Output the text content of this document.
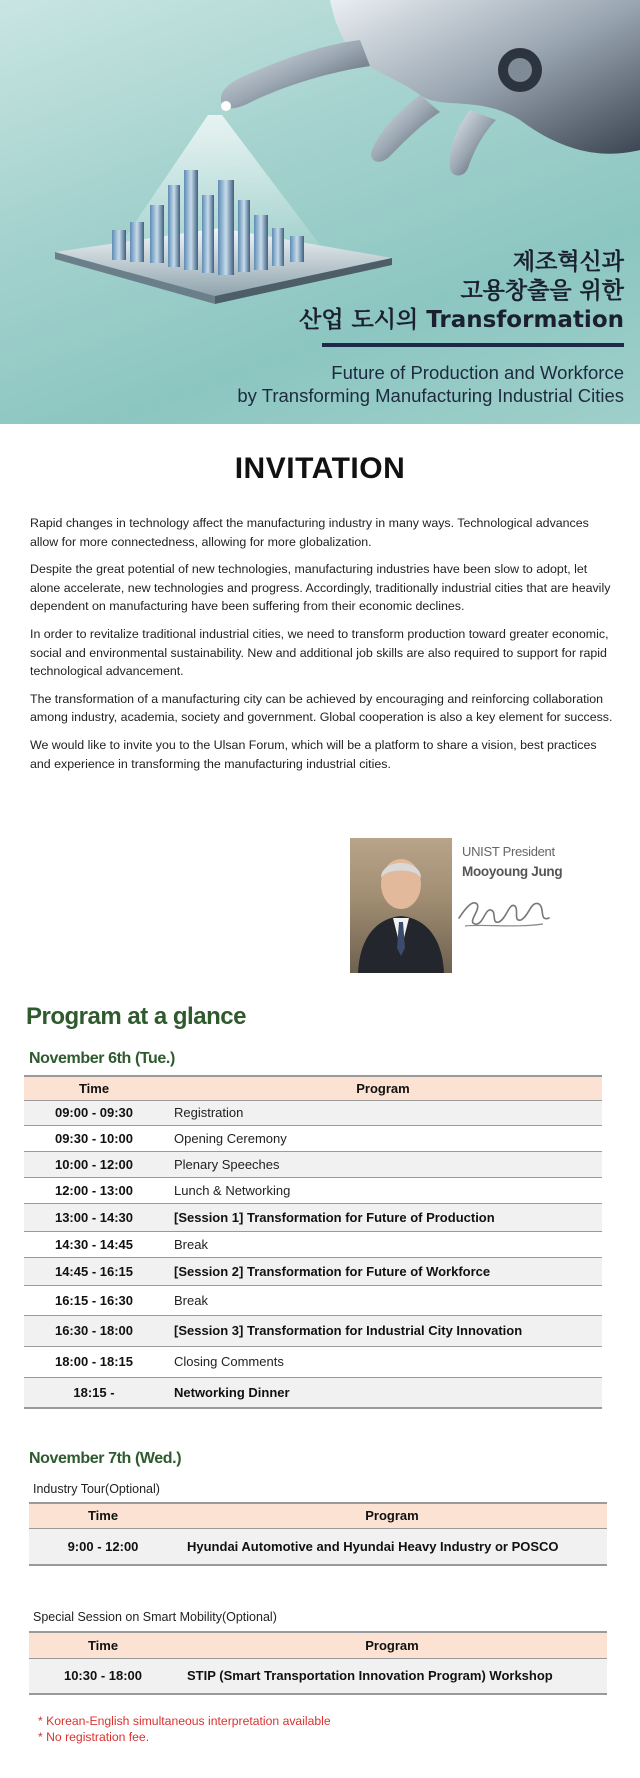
제조혁신과
고용창출을 위한
산업 도시의 Transformation
Future of Production and Workforce
by Transforming Manufacturing Industrial Cities
INVITATION

Rapid changes in technology affect the manufacturing industry in many ways. Technological advances allow for more connectedness, allowing for more globalization.

Despite the great potential of new technologies, manufacturing industries have been slow to adopt, let alone accelerate, new technologies and progress. Accordingly, traditionally industrial cities that are heavily dependent on manufacturing have been suffering from their economic declines.

In order to revitalize traditional industrial cities, we need to transform production toward greater economic, social and environmental sustainability. New and additional job skills are also required to support for rapid technological advancement.

The transformation of a manufacturing city can be achieved by encouraging and reinforcing collaboration among industry, academia, society and government. Global cooperation is also a key element for success.

We would like to invite you to the Ulsan Forum, which will be a platform to share a vision, best practices and experience in transforming the manufacturing industrial cities.

UNIST President
Mooyoung Jung
Program at a glance
November 6th (Tue.)
Time	Program
09:00 - 09:30	Registration
09:30 - 10:00	Opening Ceremony
10:00 - 12:00	Plenary Speeches
12:00 - 13:00	Lunch & Networking
13:00 - 14:30	[Session 1] Transformation for Future of Production
14:30 - 14:45	Break
14:45 - 16:15	[Session 2] Transformation for Future of Workforce
16:15 - 16:30	Break
16:30 - 18:00	[Session 3] Transformation for Industrial City Innovation
18:00 - 18:15	Closing Comments
18:15 -	Networking Dinner
November 7th (Wed.)
Industry Tour(Optional)
Time	Program
9:00 - 12:00	Hyundai Automotive and Hyundai Heavy Industry or POSCO
Special Session on Smart Mobility(Optional)
Time	Program
10:30 - 18:00	STIP (Smart Transportation Innovation Program) Workshop
* Korean-English simultaneous interpretation available
* No registration fee.
